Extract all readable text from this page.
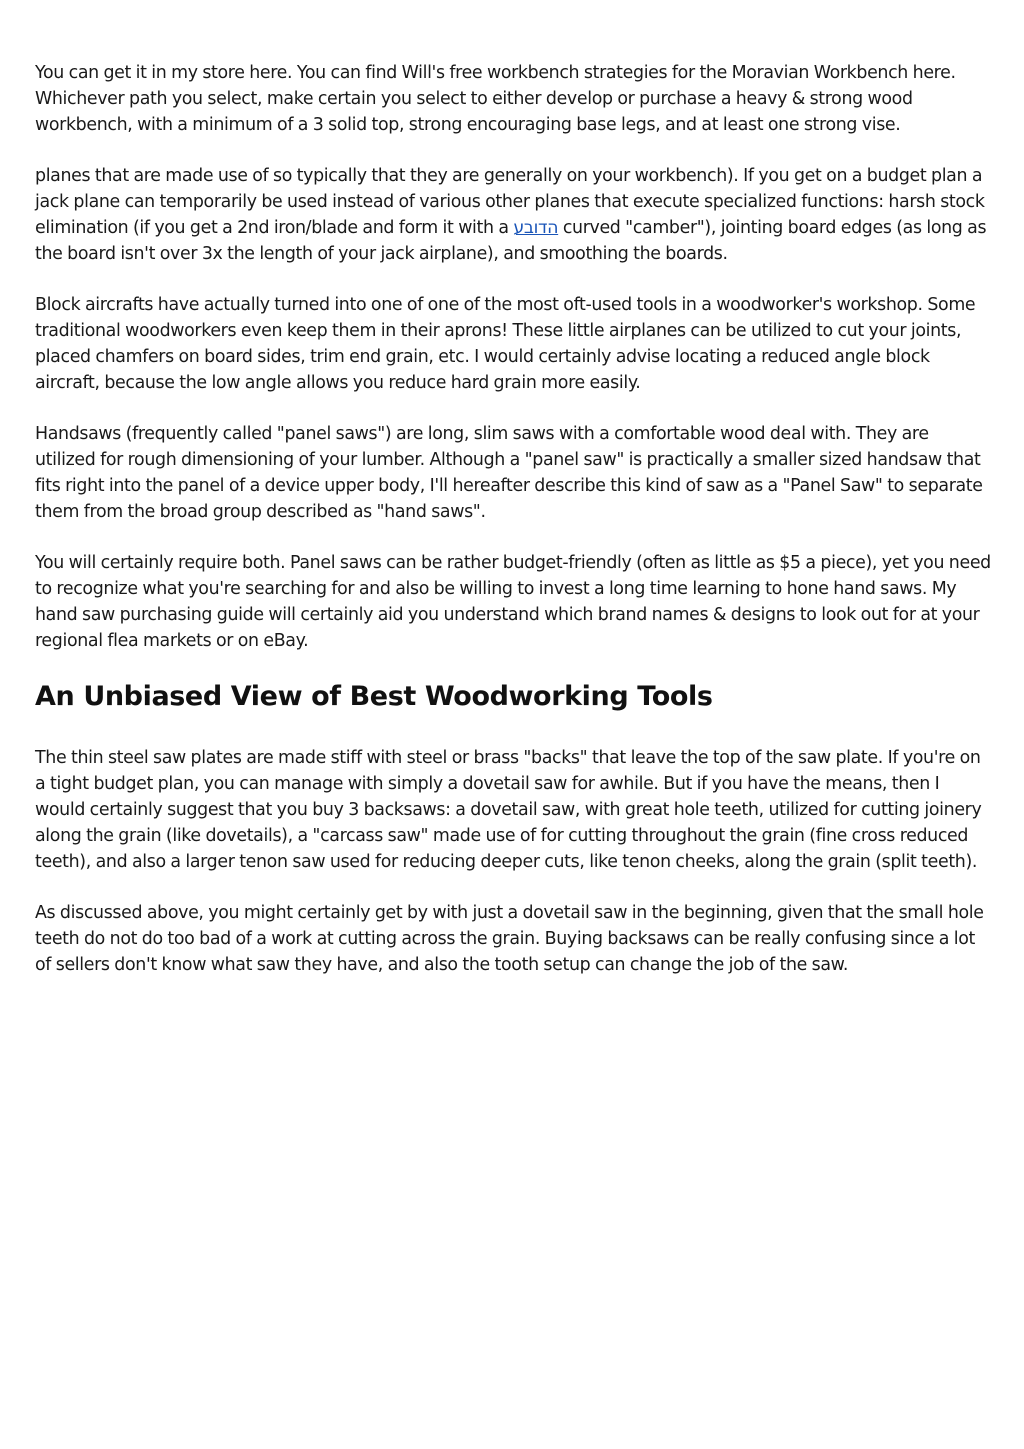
You can get it in my store here. You can find Will's free workbench strategies for the Moravian Workbench here. Whichever path you select, make certain you select to either develop or purchase a heavy & strong wood workbench, with a minimum of a 3 solid top, strong encouraging base legs, and at least one strong vise.

planes that are made use of so typically that they are generally on your workbench). If you get on a budget plan a jack plane can temporarily be used instead of various other planes that execute specialized functions: harsh stock elimination (if you get a 2nd iron/blade and form it with a הדובע curved "camber"), jointing board edges (as long as the board isn't over 3x the length of your jack airplane), and smoothing the boards.

Block aircrafts have actually turned into one of one of the most oft-used tools in a woodworker's workshop. Some traditional woodworkers even keep them in their aprons! These little airplanes can be utilized to cut your joints, placed chamfers on board sides, trim end grain, etc. I would certainly advise locating a reduced angle block aircraft, because the low angle allows you reduce hard grain more easily.

Handsaws (frequently called "panel saws") are long, slim saws with a comfortable wood deal with. They are utilized for rough dimensioning of your lumber. Although a "panel saw" is practically a smaller sized handsaw that fits right into the panel of a device upper body, I'll hereafter describe this kind of saw as a "Panel Saw" to separate them from the broad group described as "hand saws".

You will certainly require both. Panel saws can be rather budget-friendly (often as little as $5 a piece), yet you need to recognize what you're searching for and also be willing to invest a long time learning to hone hand saws. My hand saw purchasing guide will certainly aid you understand which brand names & designs to look out for at your regional flea markets or on eBay.

An Unbiased View of Best Woodworking Tools

The thin steel saw plates are made stiff with steel or brass "backs" that leave the top of the saw plate. If you're on a tight budget plan, you can manage with simply a dovetail saw for awhile. But if you have the means, then I would certainly suggest that you buy 3 backsaws: a dovetail saw, with great hole teeth, utilized for cutting joinery along the grain (like dovetails), a "carcass saw" made use of for cutting throughout the grain (fine cross reduced teeth), and also a larger tenon saw used for reducing deeper cuts, like tenon cheeks, along the grain (split teeth).

As discussed above, you might certainly get by with just a dovetail saw in the beginning, given that the small hole teeth do not do too bad of a work at cutting across the grain. Buying backsaws can be really confusing since a lot of sellers don't know what saw they have, and also the tooth setup can change the job of the saw.
